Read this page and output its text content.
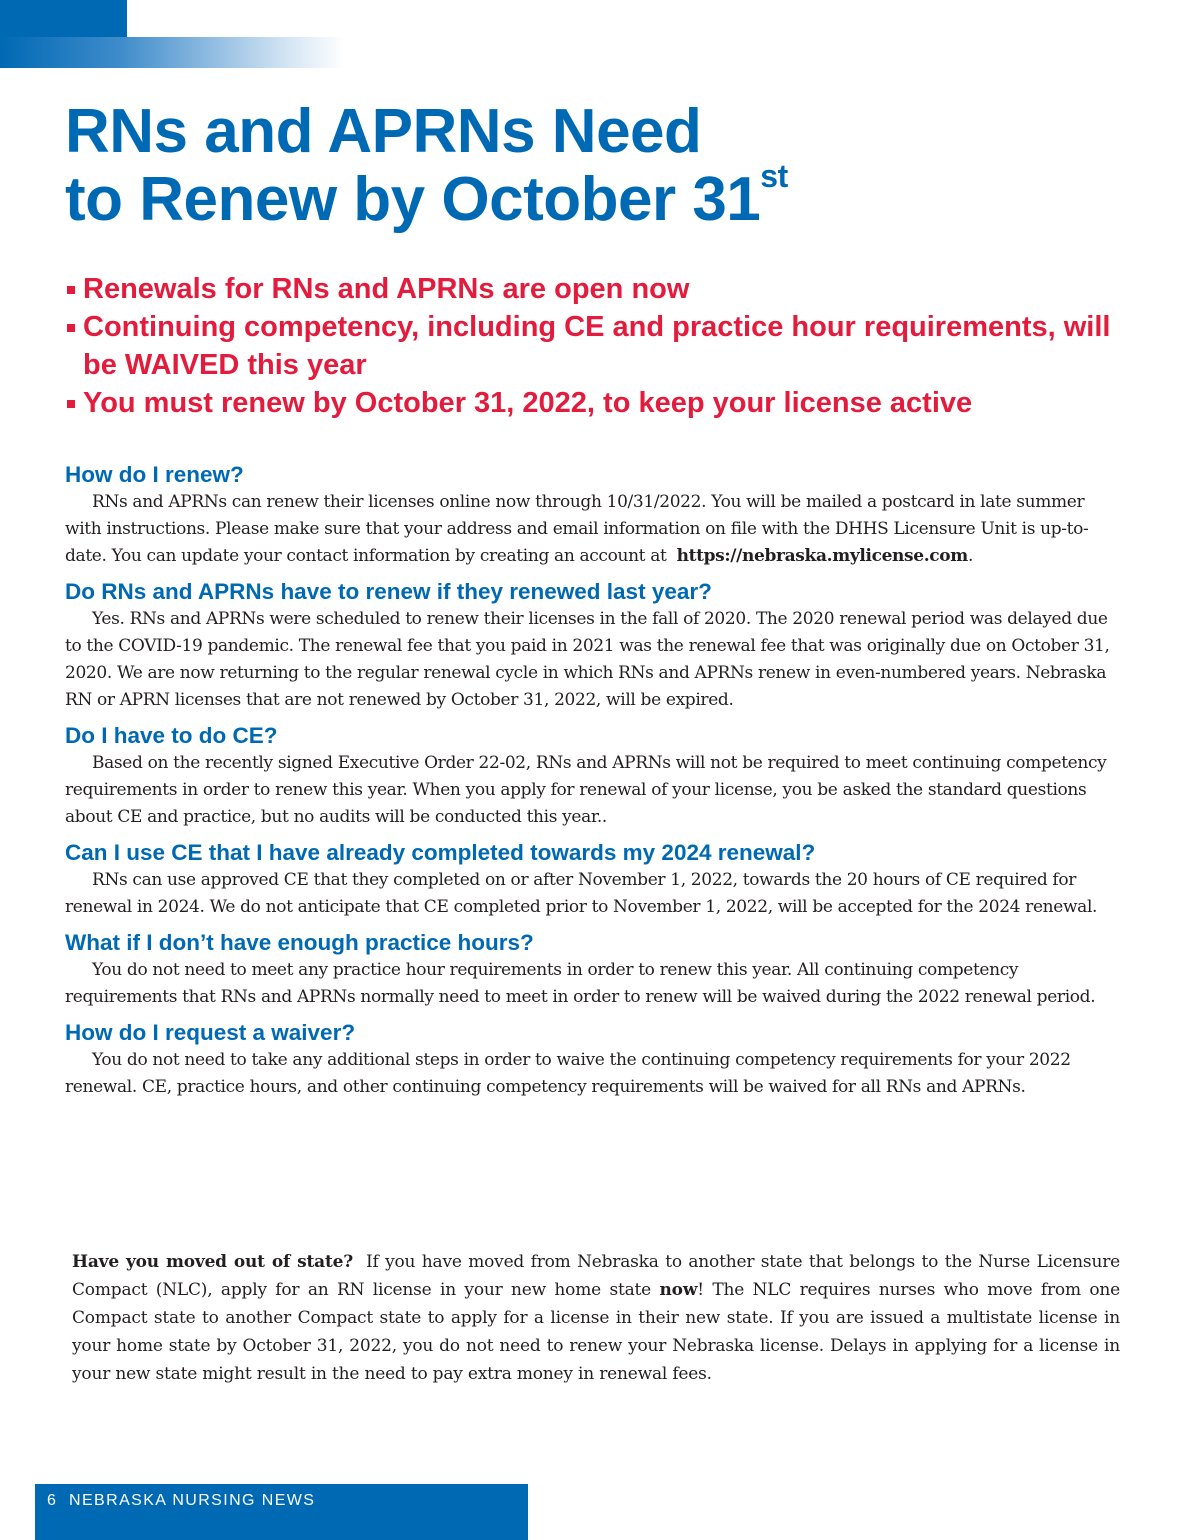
RNs and APRNs Need
to Renew by October 31st
Renewals for RNs and APRNs are open now
Continuing competency, including CE and practice hour requirements, will be WAIVED this year
You must renew by October 31, 2022, to keep your license active
How do I renew?

RNs and APRNs can renew their licenses online now through 10/31/2022. You will be mailed a postcard in late summer with instructions. Please make sure that your address and email information on file with the DHHS Licensure Unit is up-to-date. You can update your contact information by creating an account at https://nebraska.mylicense.com.

Do RNs and APRNs have to renew if they renewed last year?

Yes. RNs and APRNs were scheduled to renew their licenses in the fall of 2020. The 2020 renewal period was delayed due to the COVID-19 pandemic. The renewal fee that you paid in 2021 was the renewal fee that was originally due on October 31, 2020. We are now returning to the regular renewal cycle in which RNs and APRNs renew in even-numbered years. Nebraska RN or APRN licenses that are not renewed by October 31, 2022, will be expired.

Do I have to do CE?

Based on the recently signed Executive Order 22-02, RNs and APRNs will not be required to meet continuing competency requirements in order to renew this year. When you apply for renewal of your license, you be asked the standard questions about CE and practice, but no audits will be conducted this year..

Can I use CE that I have already completed towards my 2024 renewal?

RNs can use approved CE that they completed on or after November 1, 2022, towards the 20 hours of CE required for renewal in 2024. We do not anticipate that CE completed prior to November 1, 2022, will be accepted for the 2024 renewal.

What if I don’t have enough practice hours?

You do not need to meet any practice hour requirements in order to renew this year. All continuing competency requirements that RNs and APRNs normally need to meet in order to renew will be waived during the 2022 renewal period.

How do I request a waiver?

You do not need to take any additional steps in order to waive the continuing competency requirements for your 2022 renewal. CE, practice hours, and other continuing competency requirements will be waived for all RNs and APRNs.

Have you moved out of state? If you have moved from Nebraska to another state that belongs to the Nurse Licensure Compact (NLC), apply for an RN license in your new home state now! The NLC requires nurses who move from one Compact state to another Compact state to apply for a license in their new state. If you are issued a multistate license in your home state by October 31, 2022, you do not need to renew your Nebraska license. Delays in applying for a license in your new state might result in the need to pay extra money in renewal fees.

6 NEBRASKA NURSING NEWS
